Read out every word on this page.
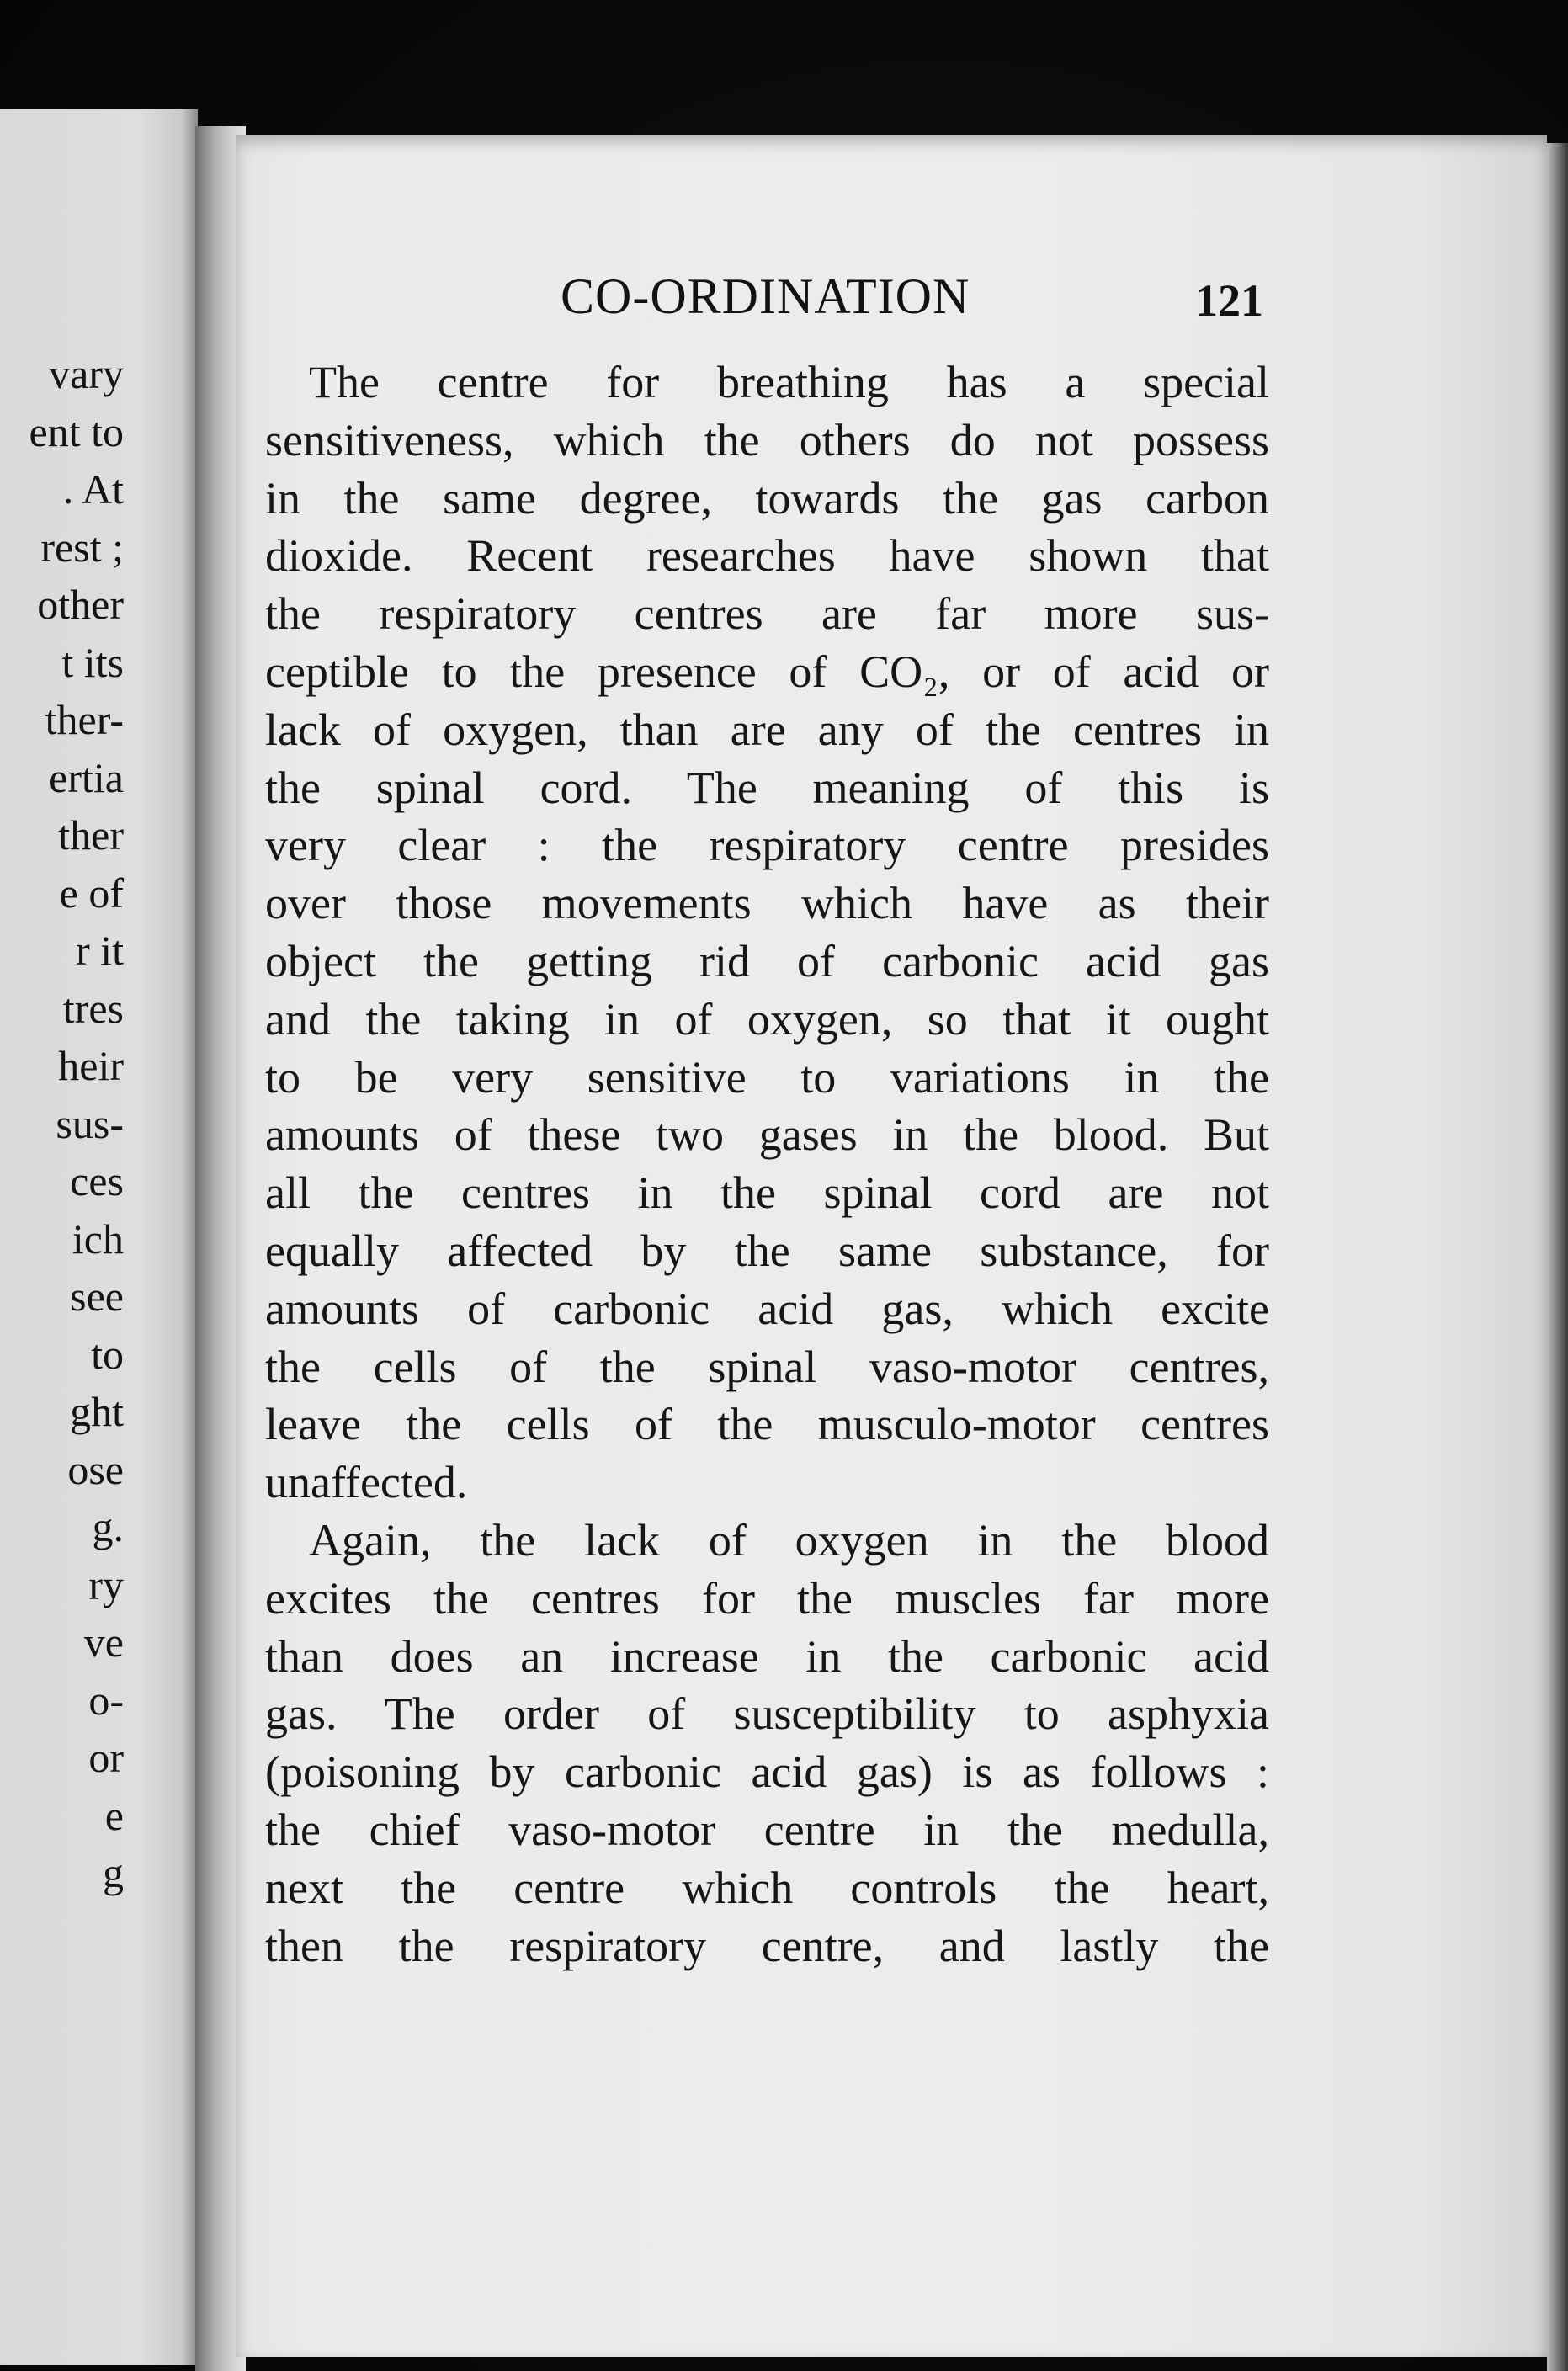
vary
ent to
. At
rest ;
other
t its
ther-
ertia
ther
e of
r it
tres
heir
sus-
ces
ich
see
to
ght
ose
g.
ry
ve
o-
or
e
g
CO-ORDINATION	121
The centre for breathing has a special
sensitiveness, which the others do not possess
in the same degree, towards the gas carbon
dioxide. Recent researches have shown that
the respiratory centres are far more sus-
ceptible to the presence of CO₂, or of acid or
lack of oxygen, than are any of the centres in
the spinal cord. The meaning of this is
very clear : the respiratory centre presides
over those movements which have as their
object the getting rid of carbonic acid gas
and the taking in of oxygen, so that it ought
to be very sensitive to variations in the
amounts of these two gases in the blood. But
all the centres in the spinal cord are not
equally affected by the same substance, for
amounts of carbonic acid gas, which excite
the cells of the spinal vaso-motor centres,
leave the cells of the musculo-motor centres
unaffected.
Again, the lack of oxygen in the blood
excites the centres for the muscles far more
than does an increase in the carbonic acid
gas. The order of susceptibility to asphyxia
(poisoning by carbonic acid gas) is as follows :
the chief vaso-motor centre in the medulla,
next the centre which controls the heart,
then the respiratory centre, and lastly the
